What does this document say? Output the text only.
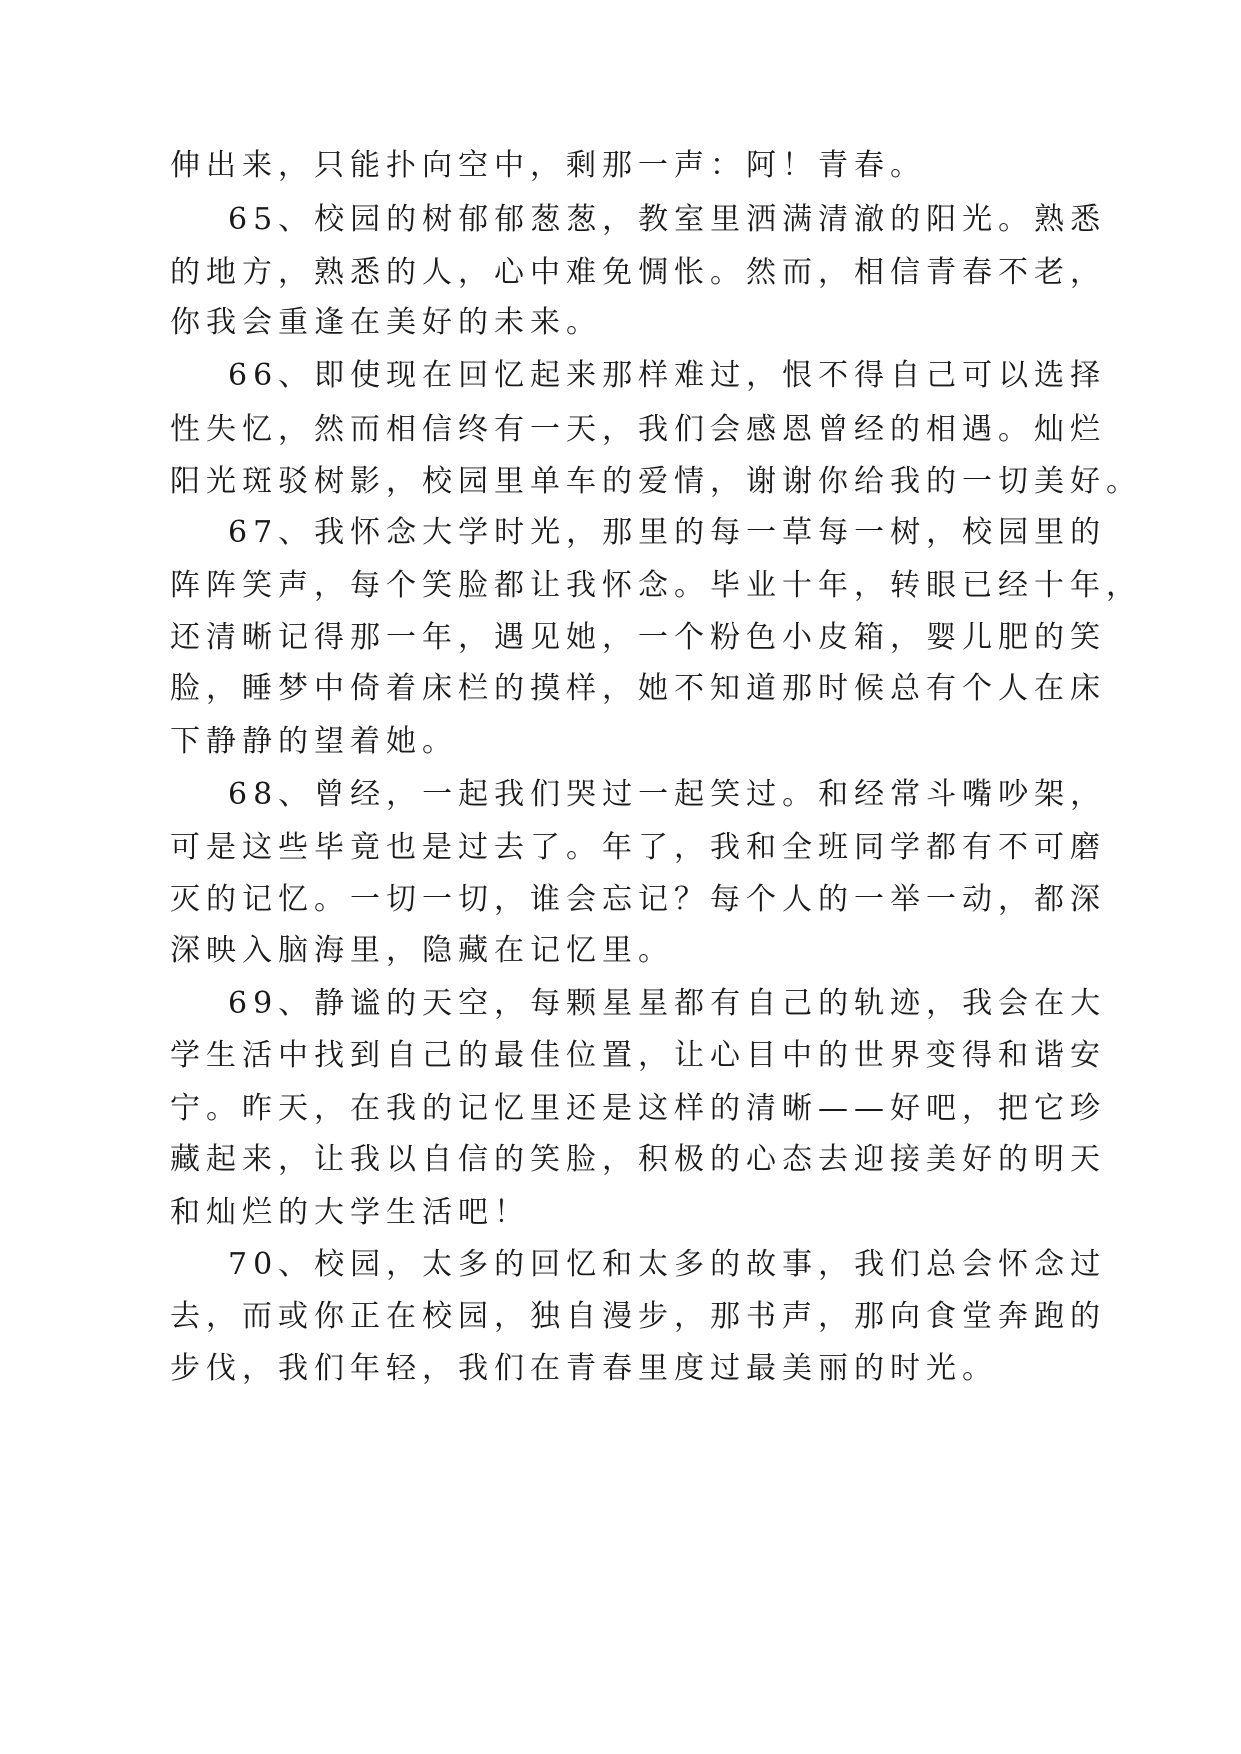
伸出来，只能扑向空中，剩那一声：阿！青春。
65、校园的树郁郁葱葱，教室里洒满清澈的阳光。熟悉
的地方，熟悉的人，心中难免惆怅。然而，相信青春不老，
你我会重逢在美好的未来。
66、即使现在回忆起来那样难过，恨不得自己可以选择
性失忆，然而相信终有一天，我们会感恩曾经的相遇。灿烂
阳光斑驳树影，校园里单车的爱情，谢谢你给我的一切美好。
67、我怀念大学时光，那里的每一草每一树，校园里的
阵阵笑声，每个笑脸都让我怀念。毕业十年，转眼已经十年，
还清晰记得那一年，遇见她，一个粉色小皮箱，婴儿肥的笑
脸，睡梦中倚着床栏的摸样，她不知道那时候总有个人在床
下静静的望着她。
68、曾经，一起我们哭过一起笑过。和经常斗嘴吵架，
可是这些毕竟也是过去了。年了，我和全班同学都有不可磨
灭的记忆。一切一切，谁会忘记？每个人的一举一动，都深
深映入脑海里，隐藏在记忆里。
69、静谧的天空，每颗星星都有自己的轨迹，我会在大
学生活中找到自己的最佳位置，让心目中的世界变得和谐安
宁。昨天，在我的记忆里还是这样的清晰——好吧，把它珍
藏起来，让我以自信的笑脸，积极的心态去迎接美好的明天
和灿烂的大学生活吧！
70、校园，太多的回忆和太多的故事，我们总会怀念过
去，而或你正在校园，独自漫步，那书声，那向食堂奔跑的
步伐，我们年轻，我们在青春里度过最美丽的时光。
